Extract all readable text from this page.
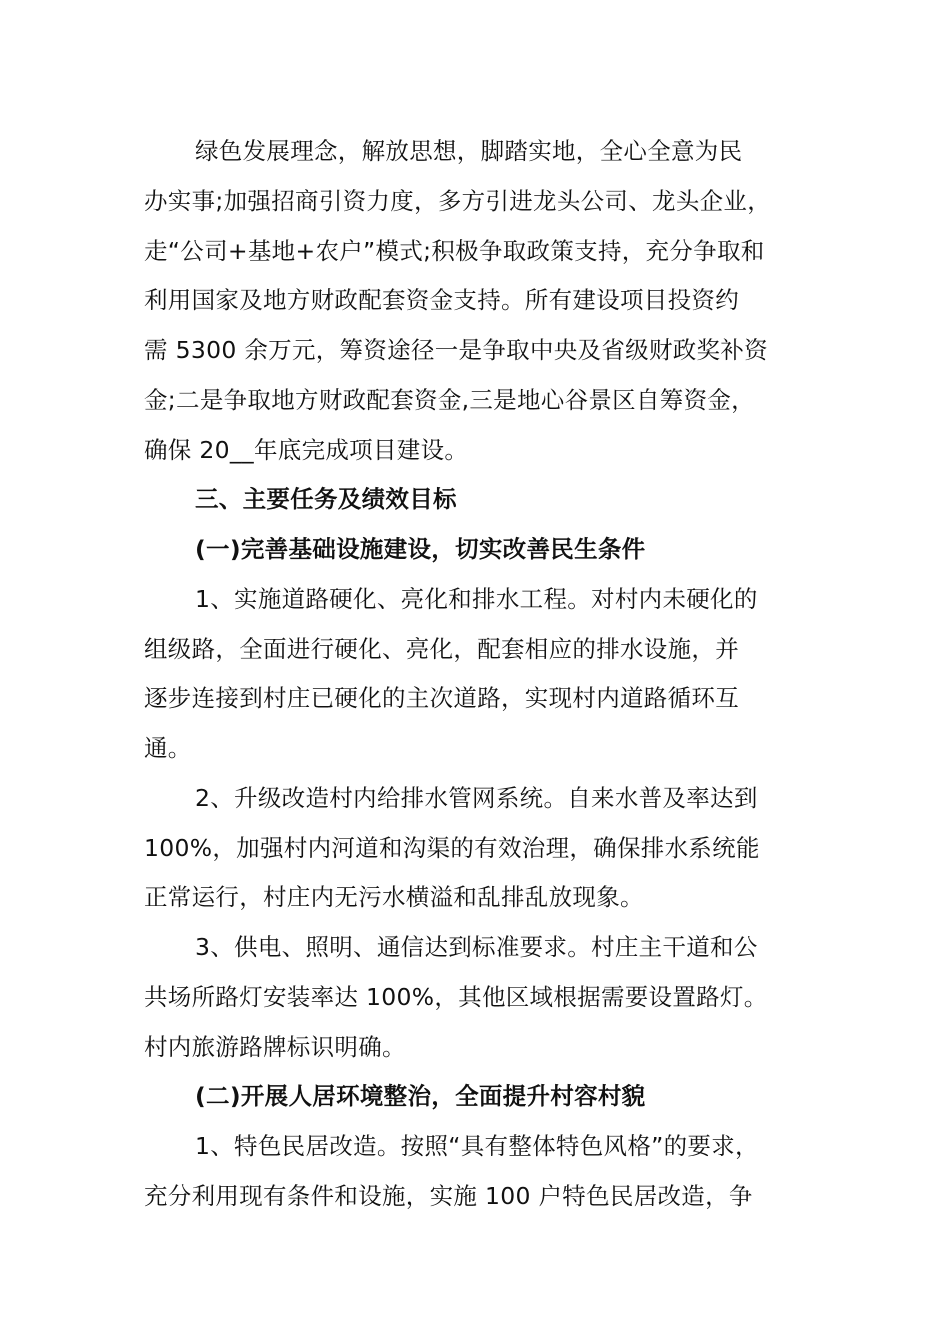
绿色发展理念，解放思想，脚踏实地，全心全意为民
办实事;加强招商引资力度，多方引进龙头公司、龙头企业，
走“公司+基地+农户”模式;积极争取政策支持，充分争取和
利用国家及地方财政配套资金支持。所有建设项目投资约
需 5300 余万元，筹资途径一是争取中央及省级财政奖补资
金;二是争取地方财政配套资金,三是地心谷景区自筹资金，
确保 20__年底完成项目建设。
三、主要任务及绩效目标
(一)完善基础设施建设，切实改善民生条件
1、实施道路硬化、亮化和排水工程。对村内未硬化的
组级路，全面进行硬化、亮化，配套相应的排水设施，并
逐步连接到村庄已硬化的主次道路，实现村内道路循环互
通。
2、升级改造村内给排水管网系统。自来水普及率达到
100%，加强村内河道和沟渠的有效治理，确保排水系统能
正常运行，村庄内无污水横溢和乱排乱放现象。
3、供电、照明、通信达到标准要求。村庄主干道和公
共场所路灯安装率达 100%，其他区域根据需要设置路灯。
村内旅游路牌标识明确。
(二)开展人居环境整治，全面提升村容村貌
1、特色民居改造。按照“具有整体特色风格”的要求，
充分利用现有条件和设施，实施 100 户特色民居改造，争
